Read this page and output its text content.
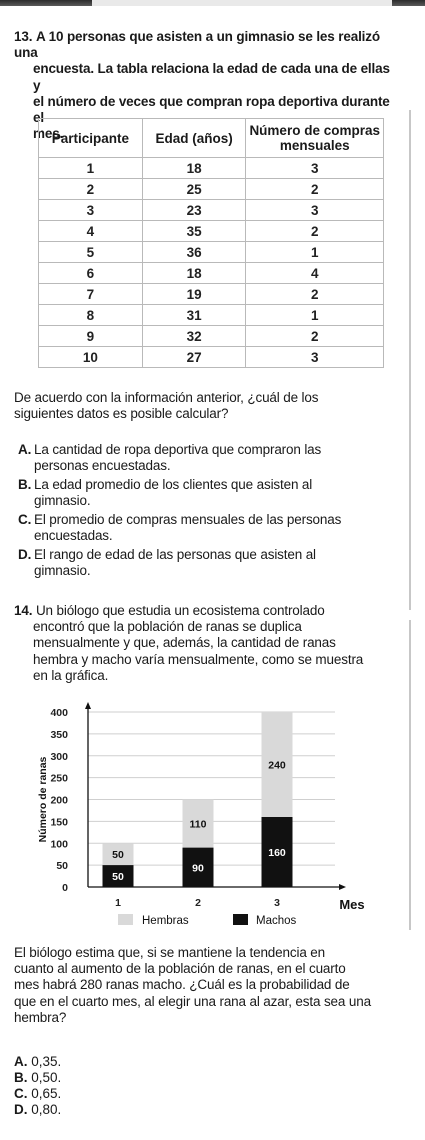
13. A 10 personas que asisten a un gimnasio se les realizó una
encuesta. La tabla relaciona la edad de cada una de ellas y
el número de veces que compran ropa deportiva durante el
mes.
Participante	Edad (años)	Número de compras mensuales
1	18	3
2	25	2
3	23	3
4	35	2
5	36	1
6	18	4
7	19	2
8	31	1
9	32	2
10	27	3
De acuerdo con la información anterior, ¿cuál de los
siguientes datos es posible calcular?
A. La cantidad de ropa deportiva que compraron las
personas encuestadas.
B. La edad promedio de los clientes que asisten al
gimnasio.
C. El promedio de compras mensuales de las personas
encuestadas.
D. El rango de edad de las personas que asisten al
gimnasio.
14. Un biólogo que estudia un ecosistema controlado
encontró que la población de ranas se duplica
mensualmente y que, además, la cantidad de ranas
hembra y macho varía mensualmente, como se muestra
en la gráfica.
0
50
100
150
200
250
300
350
400
Número de ranas
50
50
1
90
110
2
160
240
3	Mes
Hembras	Machos
El biólogo estima que, si se mantiene la tendencia en
cuanto al aumento de la población de ranas, en el cuarto
mes habrá 280 ranas macho. ¿Cuál es la probabilidad de
que en el cuarto mes, al elegir una rana al azar, esta sea una
hembra?
A. 0,35.
B. 0,50.
C. 0,65.
D. 0,80.
